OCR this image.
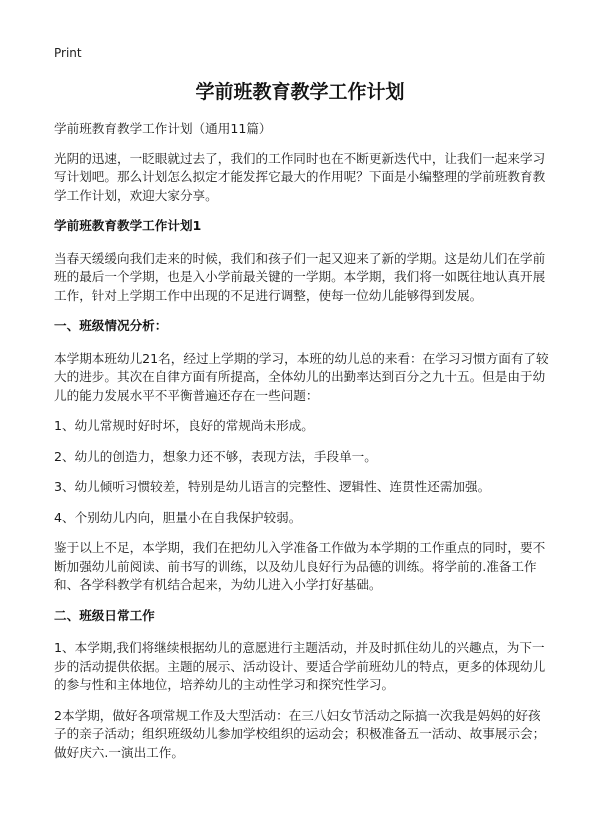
Print
学前班教育教学工作计划

学前班教育教学工作计划（通用11篇）

光阴的迅速，一眨眼就过去了，我们的工作同时也在不断更新迭代中，让我们一起来学习写计划吧。那么计划怎么拟定才能发挥它最大的作用呢？下面是小编整理的学前班教育教学工作计划，欢迎大家分享。

学前班教育教学工作计划1

当春天缓缓向我们走来的时候，我们和孩子们一起又迎来了新的学期。这是幼儿们在学前班的最后一个学期，也是入小学前最关键的一学期。本学期，我们将一如既往地认真开展工作，针对上学期工作中出现的不足进行调整，使每一位幼儿能够得到发展。

一、班级情况分析：

本学期本班幼儿21名，经过上学期的学习，本班的幼儿总的来看：在学习习惯方面有了较大的进步。其次在自律方面有所提高，全体幼儿的出勤率达到百分之九十五。但是由于幼儿的能力发展水平不平衡普遍还存在一些问题：

1、幼儿常规时好时坏，良好的常规尚未形成。

2、幼儿的创造力，想象力还不够，表现方法，手段单一。

3、幼儿倾听习惯较差，特别是幼儿语言的完整性、逻辑性、连贯性还需加强。

4、个别幼儿内向，胆量小在自我保护较弱。

鉴于以上不足，本学期，我们在把幼儿入学准备工作做为本学期的工作重点的同时，要不断加强幼儿前阅读、前书写的训练，以及幼儿良好行为品德的训练。将学前的.准备工作和、各学科教学有机结合起来，为幼儿进入小学打好基础。

二、班级日常工作

1、本学期,我们将继续根据幼儿的意愿进行主题活动，并及时抓住幼儿的兴趣点，为下一步的活动提供依据。主题的展示、活动设计、要适合学前班幼儿的特点，更多的体现幼儿的参与性和主体地位，培养幼儿的主动性学习和探究性学习。

2本学期，做好各项常规工作及大型活动：在三八妇女节活动之际搞一次我是妈妈的好孩子的亲子活动；组织班级幼儿参加学校组织的运动会；积极准备五一活动、故事展示会；做好庆六.一演出工作。
